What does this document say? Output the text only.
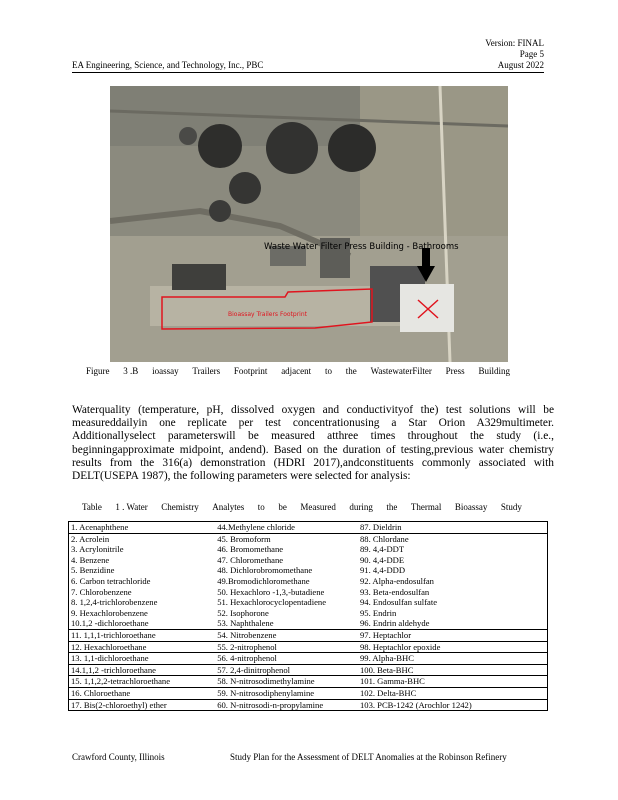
Version: FINAL
Page 5
August 2022
EA Engineering, Science, and Technology, Inc., PBC
Waste Water Filter Press Building - Bathrooms
Bioassay Trailers Footprint
Figure 3 .B ioassay Trailers Footprint adjacent to the WastewaterFilter Press Building

Waterquality (temperature, pH, dissolved oxygen and conductivityof the) test solutions will be measureddailyin one replicate per test concentrationusing a Star Orion A329multimeter. Additionallyselect parameterswill be measured atthree times throughout the study (i.e., beginningapproximate midpoint, andend). Based on the duration of testing,previous water chemistry results from the 316(a) demonstration (HDRI 2017),andconstituents commonly associated with DELT(USEPA 1987), the following parameters were selected for analysis:

Table 1 . Water Chemistry Analytes to be Measured during the Thermal Bioassay Study
1. Acenaphthene	44.Methylene chloride	87. Dieldrin
2. Acrolein	45. Bromoform	88. Chlordane
3. Acrylonitrile	46. Bromomethane	89. 4,4-DDT
4. Benzene	47. Chloromethane	90. 4,4-DDE
5. Benzidine	48. Dichlorobromomethane	91. 4,4-DDD
6. Carbon tetrachloride	49.Bromodichloromethane	92. Alpha-endosulfan
7. Chlorobenzene	50. Hexachloro -1,3,-butadiene	93. Beta-endosulfan
8. 1,2,4-trichlorobenzene	51. Hexachlorocyclopentadiene	94. Endosulfan sulfate
9. Hexachlorobenzene	52. Isophorone	95. Endrin
10.1,2 -dichloroethane	53. Naphthalene	96. Endrin aldehyde
11. 1,1,1-trichloroethane	54. Nitrobenzene	97. Heptachlor
12. Hexachloroethane	55. 2-nitrophenol	98. Heptachlor epoxide
13. 1,1-dichloroethane	56. 4-nitrophenol	99. Alpha-BHC
14.1,1,2 -trichloroethane	57. 2,4-dinitrophenol	100. Beta-BHC
15. 1,1,2,2-tetrachloroethane	58. N-nitrosodimethylamine	101. Gamma-BHC
16. Chloroethane	59. N-nitrosodiphenylamine	102. Delta-BHC
17. Bis(2-chloroethyl) ether	60. N-nitrosodi-n-propylamine	103. PCB-1242 (Arochlor 1242)
Crawford County, Illinois	Study Plan for the Assessment of DELT Anomalies at the Robinson Refinery
